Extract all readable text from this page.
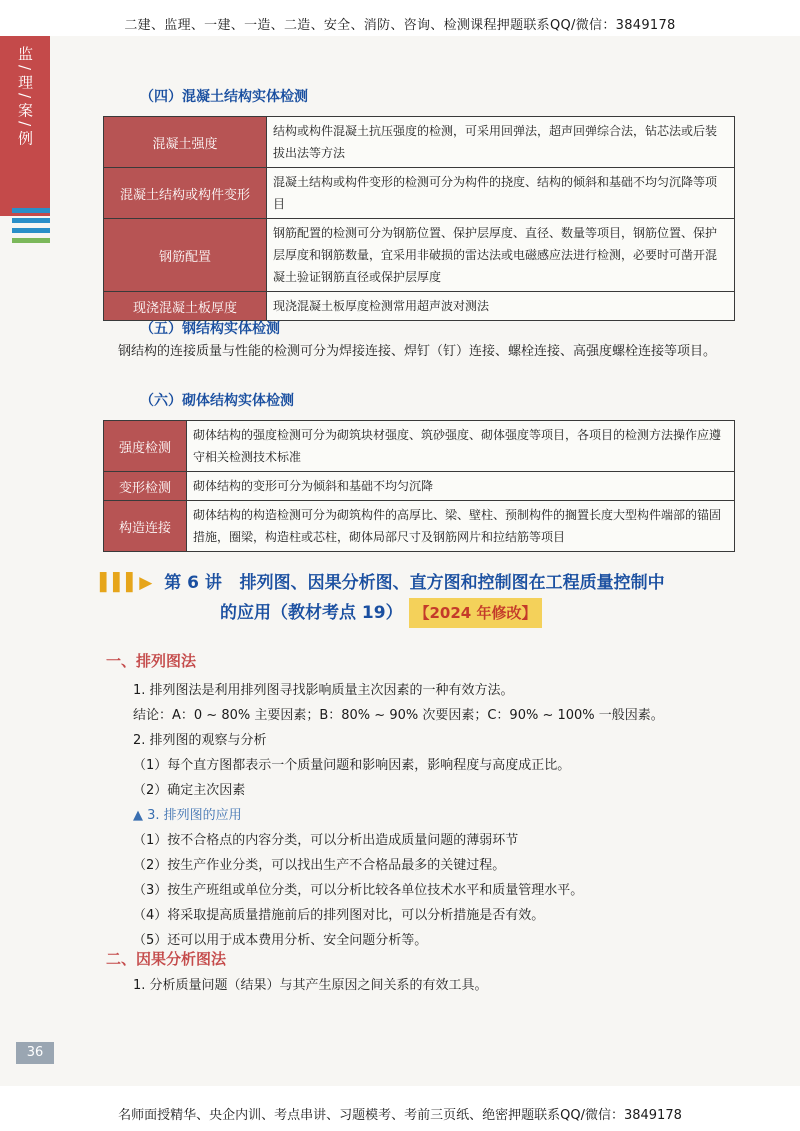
二建、监理、一建、一造、二造、安全、消防、咨询、检测课程押题联系QQ/微信：3849178
监/理/案/例	（四）混凝土结构实体检测
混凝土强度	结构或构件混凝土抗压强度的检测，可采用回弹法，超声回弹综合法，钻芯法或后装拔出法等方法
混凝土结构或构件变形	混凝土结构或构件变形的检测可分为构件的挠度、结构的倾斜和基础不均匀沉降等项目
钢筋配置	钢筋配置的检测可分为钢筋位置、保护层厚度、直径、数量等项目，钢筋位置、保护层厚度和钢筋数量，宜采用非破损的雷达法或电磁感应法进行检测，必要时可凿开混凝土验证钢筋直径或保护层厚度
现浇混凝土板厚度	现浇混凝土板厚度检测常用超声波对测法
（五）钢结构实体检测
钢结构的连接质量与性能的检测可分为焊接连接、焊钉（钉）连接、螺栓连接、高强度螺栓连接等项目。
（六）砌体结构实体检测
强度检测	砌体结构的强度检测可分为砌筑块材强度、筑砂强度、砌体强度等项目，各项目的检测方法操作应遵守相关检测技术标准
变形检测	砌体结构的变形可分为倾斜和基础不均匀沉降
构造连接	砌体结构的构造检测可分为砌筑构件的高厚比、梁、壁柱、预制构件的搁置长度大型构件端部的锚固措施，圈梁，构造柱或芯柱，砌体局部尺寸及钢筋网片和拉结筋等项目
▌▌▌▶ 第 6 讲 排列图、因果分析图、直方图和控制图在工程质量控制中
的应用（教材考点 19） 【2024 年修改】
一、排列图法
1. 排列图法是利用排列图寻找影响质量主次因素的一种有效方法。
结论：A：0 ~ 80% 主要因素；B：80% ~ 90% 次要因素；C：90% ~ 100% 一般因素。
2. 排列图的观察与分析
（1）每个直方图都表示一个质量问题和影响因素，影响程度与高度成正比。
（2）确定主次因素
▲ 3. 排列图的应用
（1）按不合格点的内容分类，可以分析出造成质量问题的薄弱环节
（2）按生产作业分类，可以找出生产不合格品最多的关键过程。
（3）按生产班组或单位分类，可以分析比较各单位技术水平和质量管理水平。
（4）将采取提高质量措施前后的排列图对比，可以分析措施是否有效。
（5）还可以用于成本费用分析、安全问题分析等。
二、因果分析图法
1. 分析质量问题（结果）与其产生原因之间关系的有效工具。
36
名师面授精华、央企内训、考点串讲、习题模考、考前三页纸、绝密押题联系QQ/微信：3849178
